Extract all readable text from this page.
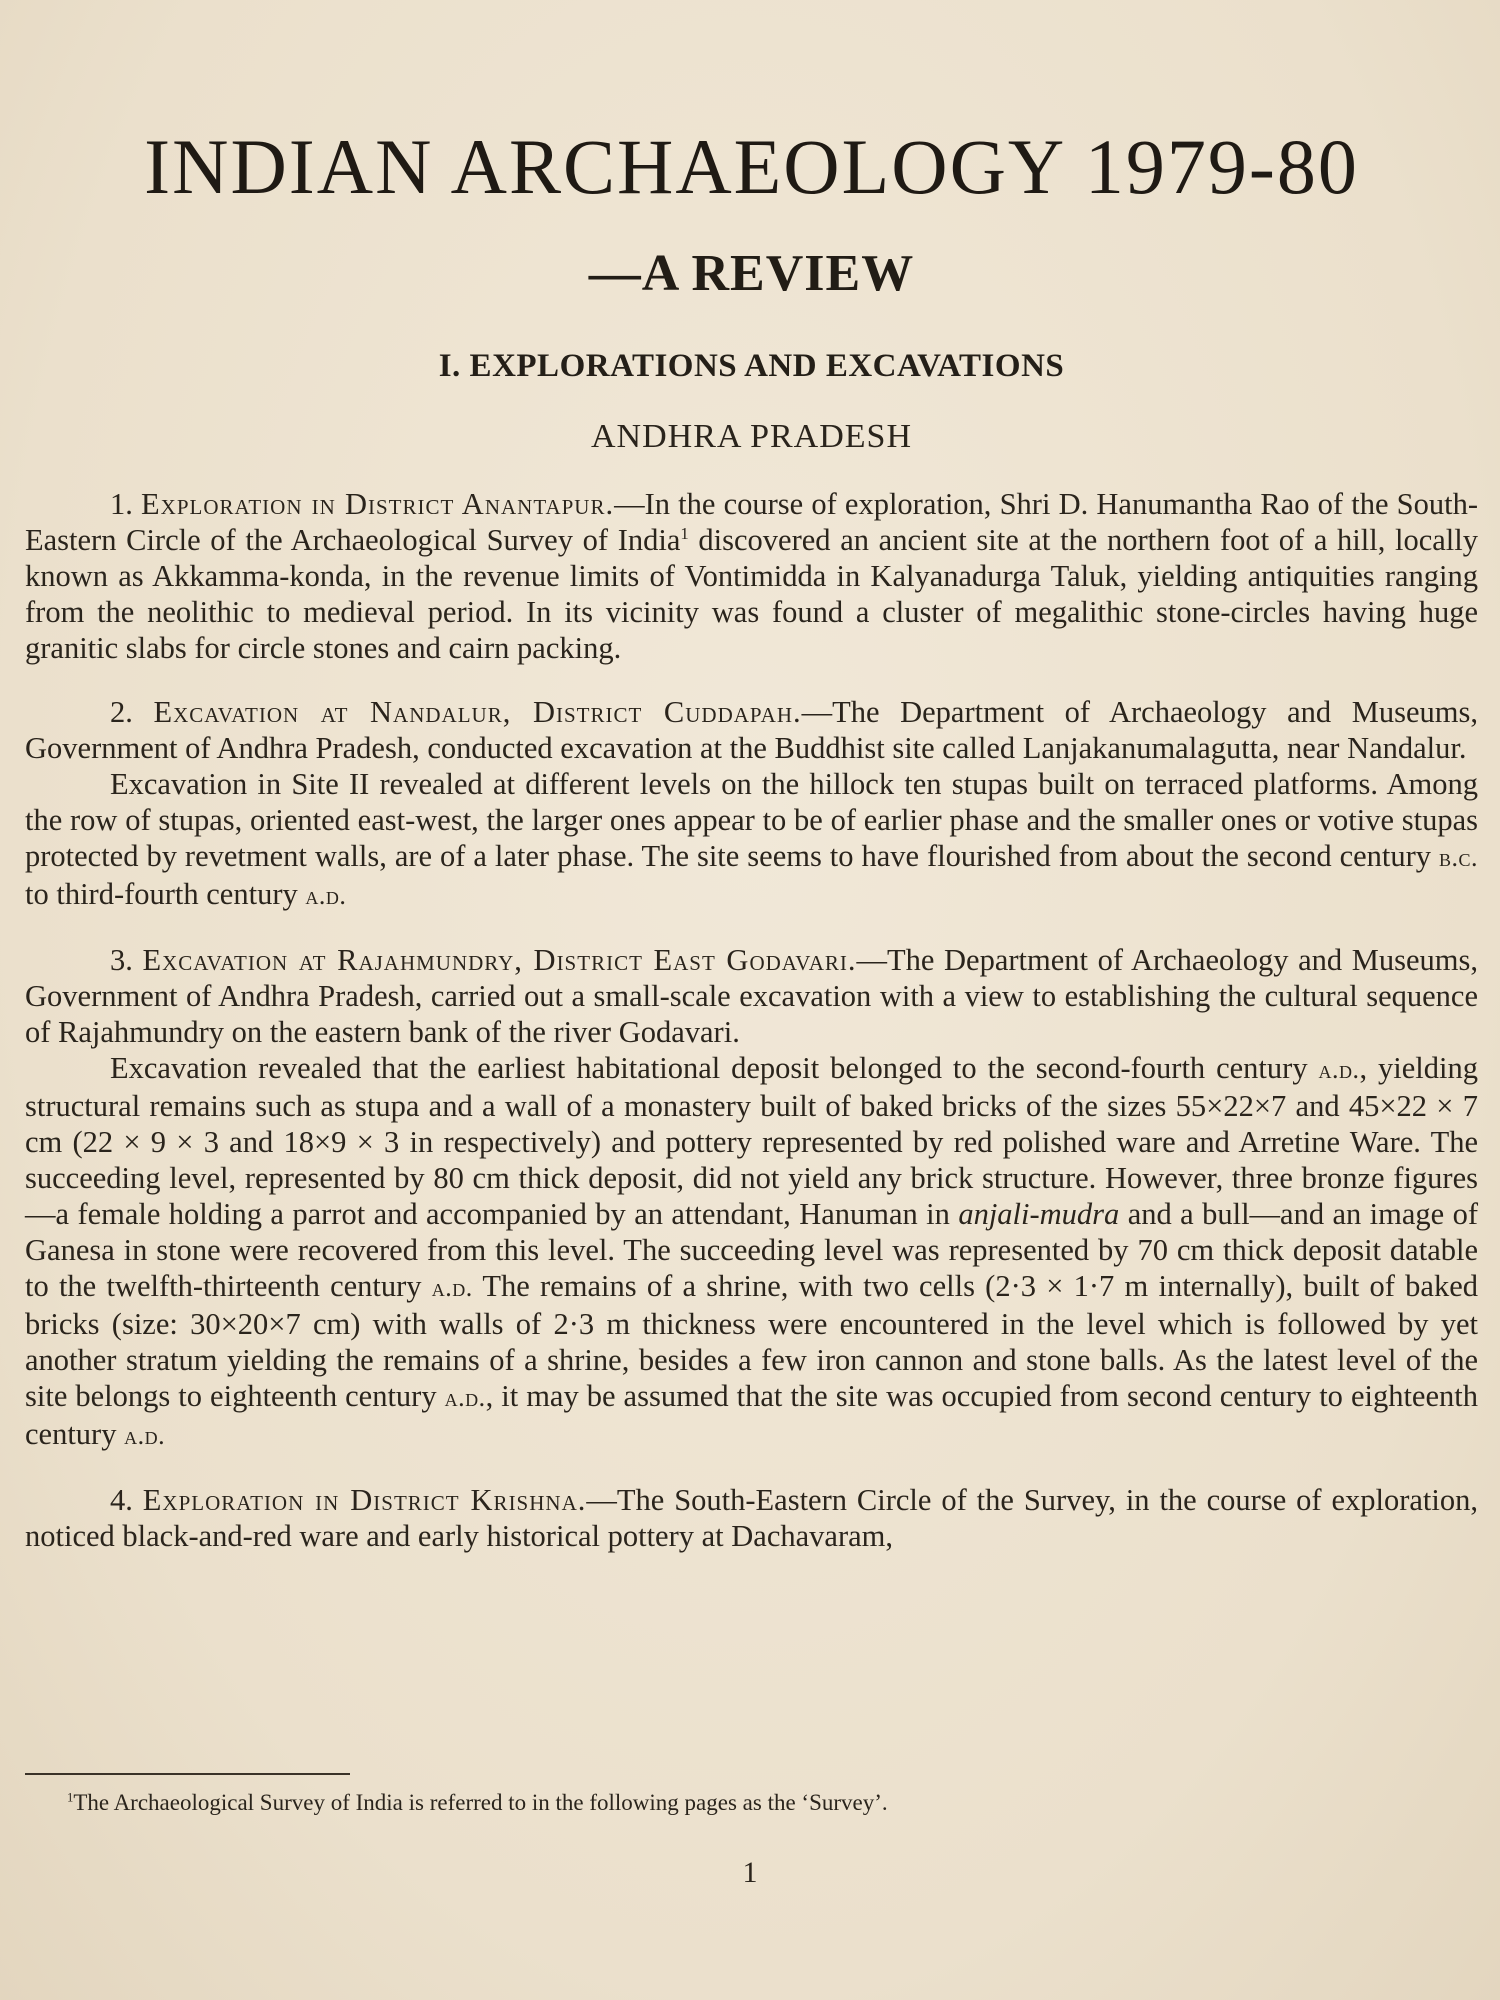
INDIAN ARCHAEOLOGY 1979-80
—A REVIEW
I. EXPLORATIONS AND EXCAVATIONS
ANDHRA PRADESH

1. Exploration in District Anantapur.—In the course of exploration, Shri D. Hanumantha Rao of the South-Eastern Circle of the Archaeological Survey of India$^1$ discovered an ancient site at the northern foot of a hill, locally known as Akkamma-konda, in the revenue limits of Vontimidda in Kalyanadurga Taluk, yielding antiquities ranging from the neolithic to medieval period. In its vicinity was found a cluster of megalithic stone-circles having huge granitic slabs for circle stones and cairn packing.

2. Excavation at Nandalur, District Cuddapah.—The Department of Archaeology and Museums, Government of Andhra Pradesh, conducted excavation at the Buddhist site called Lanjakanumalagutta, near Nandalur.

Excavation in Site II revealed at different levels on the hillock ten stupas built on terraced platforms. Among the row of stupas, oriented east-west, the larger ones appear to be of earlier phase and the smaller ones or votive stupas protected by revetment walls, are of a later phase. The site seems to have flourished from about the second century b.c. to third-fourth century a.d.

3. Excavation at Rajahmundry, District East Godavari.—The Department of Archaeology and Museums, Government of Andhra Pradesh, carried out a small-scale excavation with a view to establishing the cultural sequence of Rajahmundry on the eastern bank of the river Godavari.

Excavation revealed that the earliest habitational deposit belonged to the second-fourth century a.d., yielding structural remains such as stupa and a wall of a monastery built of baked bricks of the sizes 55×22×7 and 45×22 × 7 cm (22 × 9 × 3 and 18×9 × 3 in respectively) and pottery represented by red polished ware and Arretine Ware. The succeeding level, represented by 80 cm thick deposit, did not yield any brick structure. However, three bronze figures—a female holding a parrot and accompanied by an attendant, Hanuman in anjali-mudra and a bull—and an image of Ganesa in stone were recovered from this level. The succeeding level was represented by 70 cm thick deposit datable to the twelfth-thirteenth century a.d. The remains of a shrine, with two cells (2·3 × 1·7 m internally), built of baked bricks (size: 30×20×7 cm) with walls of 2·3 m thickness were encountered in the level which is followed by yet another stratum yielding the remains of a shrine, besides a few iron cannon and stone balls. As the latest level of the site belongs to eighteenth century a.d., it may be assumed that the site was occupied from second century to eighteenth century a.d.

4. Exploration in District Krishna.—The South-Eastern Circle of the Survey, in the course of exploration, noticed black-and-red ware and early historical pottery at Dachavaram,

$^1$The Archaeological Survey of India is referred to in the following pages as the ‘Survey’.

1
